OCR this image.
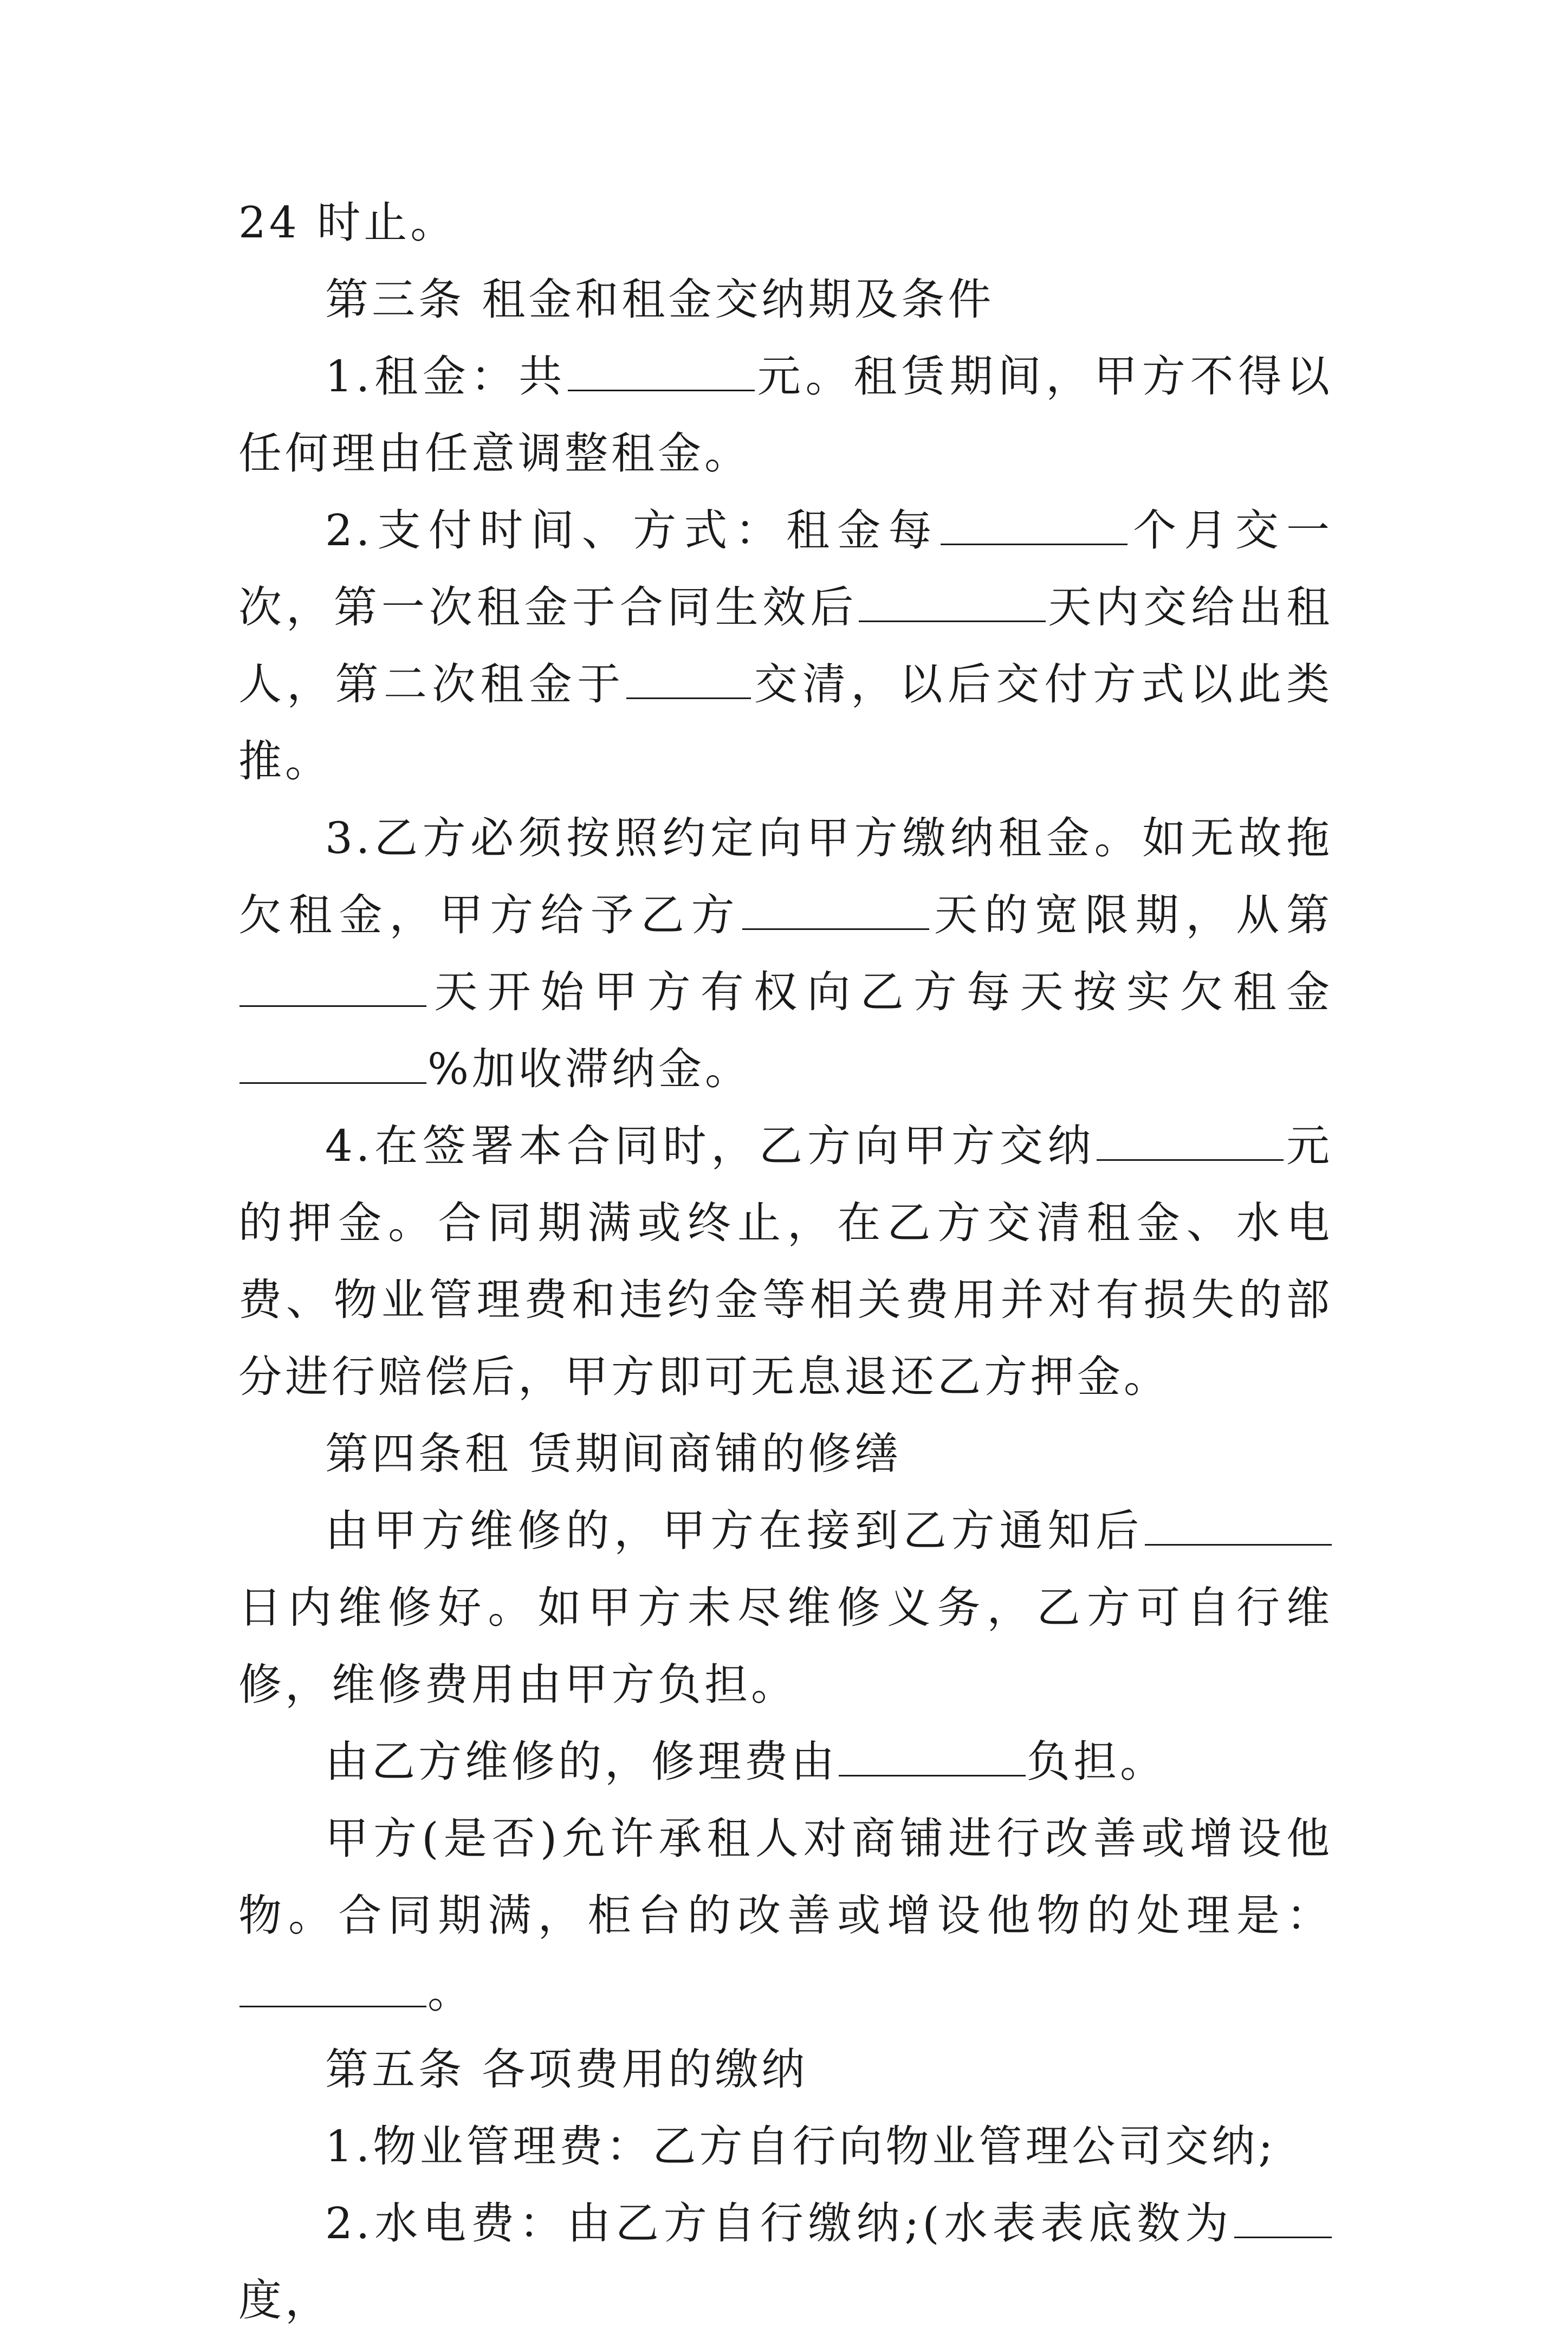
24 时止。

第三条 租金和租金交纳期及条件

1.租金：共	元。租赁期间，甲方不得以任何理由任意调整租金。

2.支付时间、方式：租金每	个月交一次，第一次租金于合同生效后	天内交给出租人，第二次租金于	交清，以后交付方式以此类推。

3.乙方必须按照约定向甲方缴纳租金。如无故拖欠租金，甲方给予乙方	天的宽限期，从第天开始甲方有权向乙方每天按实欠租金%加收滞纳金。

4.在签署本合同时，乙方向甲方交纳	元的押金。合同期满或终止，在乙方交清租金、水电费、物业管理费和违约金等相关费用并对有损失的部分进行赔偿后，甲方即可无息退还乙方押金。

第四条租 赁期间商铺的修缮

由甲方维修的，甲方在接到乙方通知后日内维修好。如甲方未尽维修义务，乙方可自行维修，维修费用由甲方负担。

由乙方维修的，修理费由	负担。

甲方(是否)允许承租人对商铺进行改善或增设他物。合同期满，柜台的改善或增设他物的处理是：。

第五条 各项费用的缴纳

1.物业管理费：乙方自行向物业管理公司交纳;

2.水电费：由乙方自行缴纳;(水表表底数为度，
